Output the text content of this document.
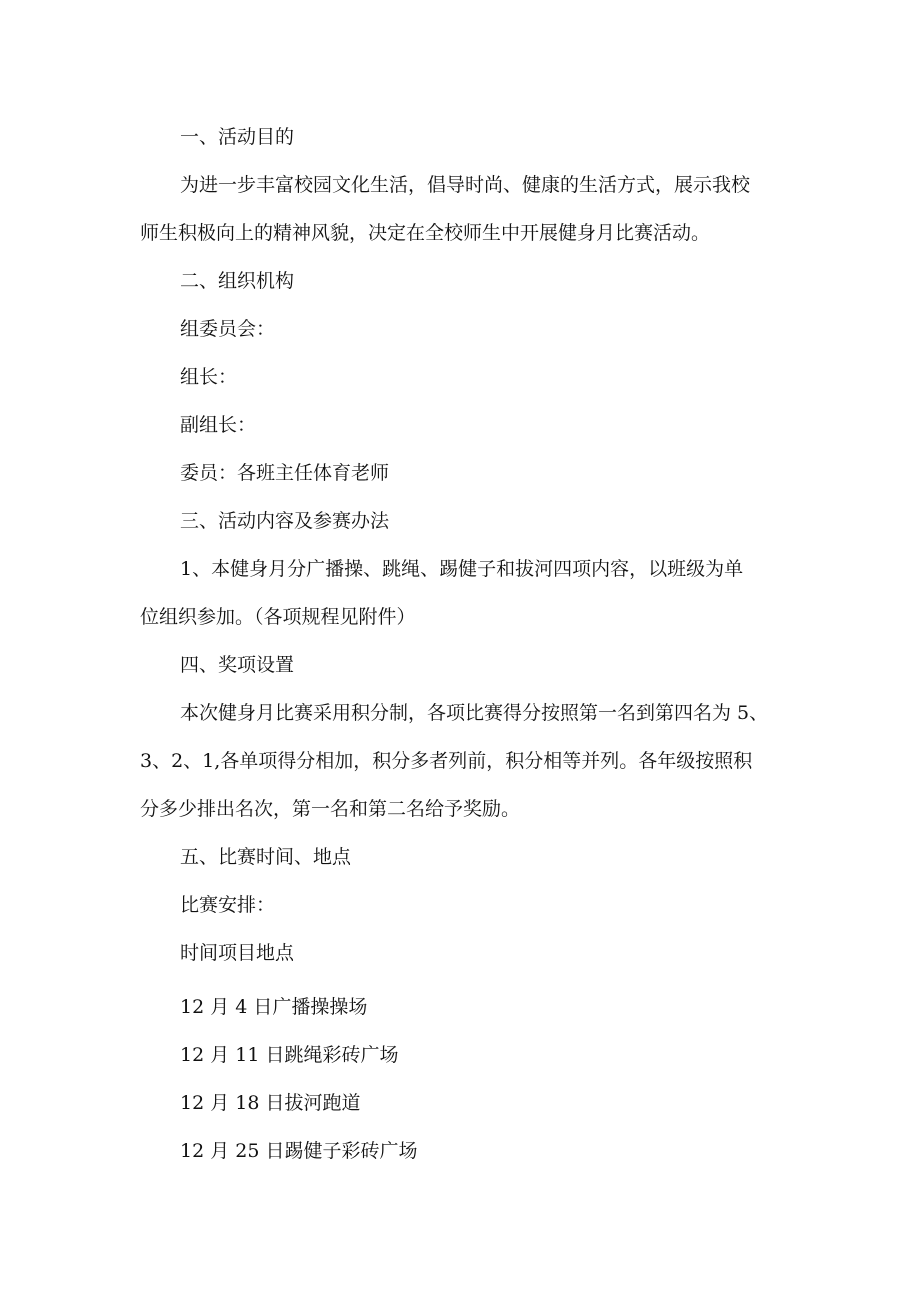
一、活动目的

为进一步丰富校园文化生活，倡导时尚、健康的生活方式，展示我校
师生积极向上的精神风貌，决定在全校师生中开展健身月比赛活动。

二、组织机构

组委员会：

组长：

副组长：

委员：各班主任体育老师

三、活动内容及参赛办法

1、本健身月分广播操、跳绳、踢健子和拔河四项内容，以班级为单
位组织参加。（各项规程见附件）

四、奖项设置

本次健身月比赛采用积分制，各项比赛得分按照第一名到第四名为 5、
3、2、1,各单项得分相加，积分多者列前，积分相等并列。各年级按照积
分多少排出名次，第一名和第二名给予奖励。

五、比赛时间、地点

比赛安排：

时间项目地点

12 月 4 日广播操操场

12 月 11 日跳绳彩砖广场

12 月 18 日拔河跑道

12 月 25 日踢健子彩砖广场
